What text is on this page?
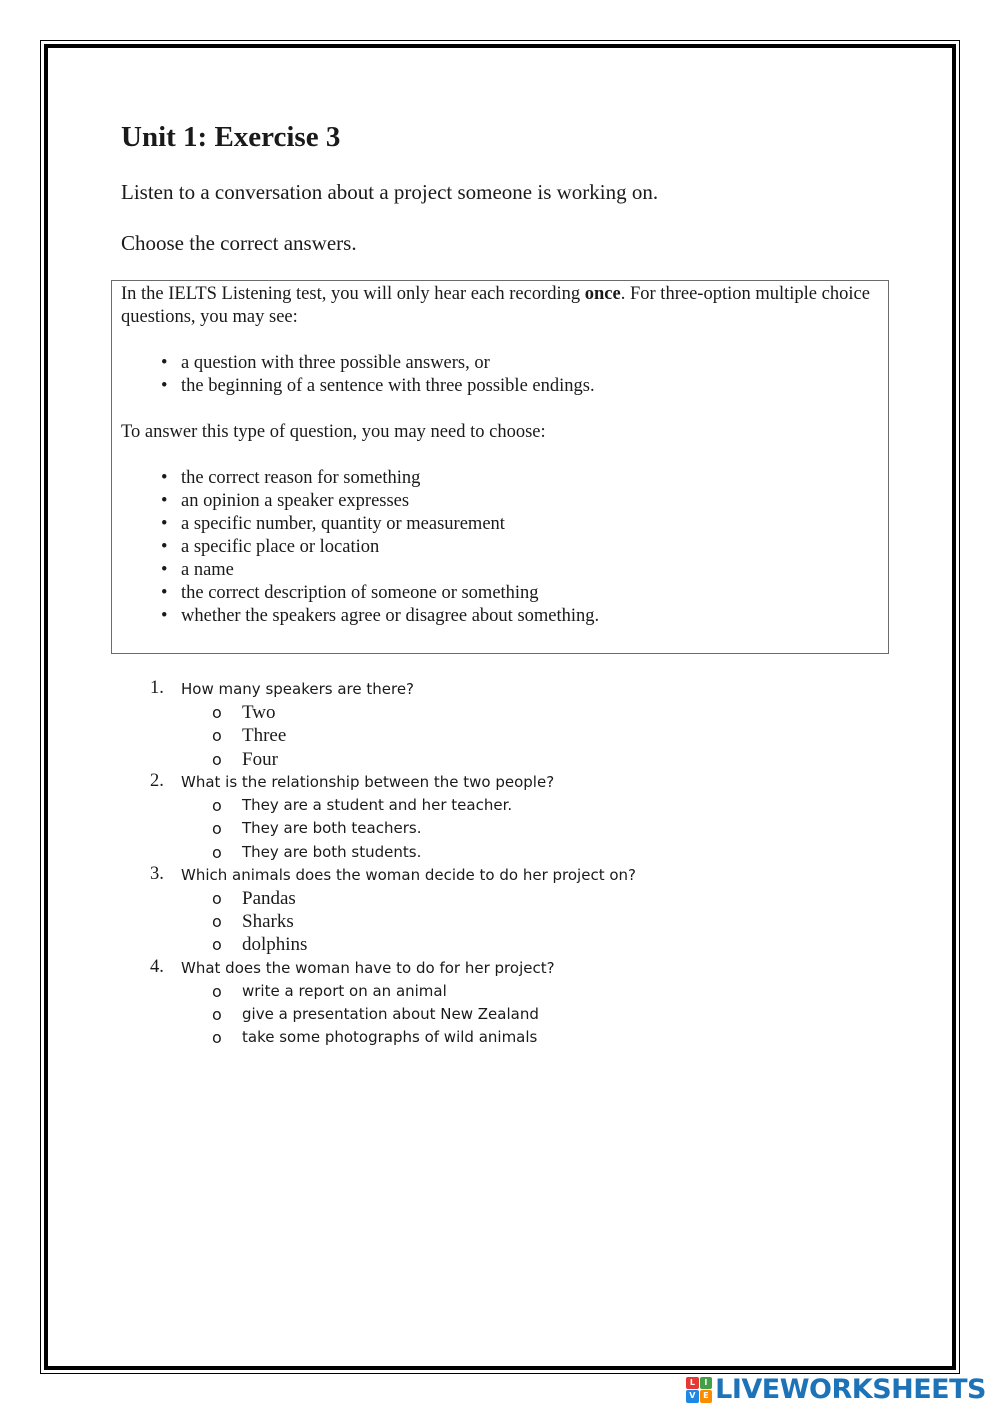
Unit 1: Exercise 3

Listen to a conversation about a project someone is working on.

Choose the correct answers.

In the IELTS Listening test, you will only hear each recording once. For three-option multiple choice questions, you may see:

• a question with three possible answers, or
• the beginning of a sentence with three possible endings.

To answer this type of question, you may need to choose:

• the correct reason for something
• an opinion a speaker expresses
• a specific number, quantity or measurement
• a specific place or location
• a name
• the correct description of someone or something
• whether the speakers agree or disagree about something.
1. How many speakers are there?
o Two
o Three
o Four
2. What is the relationship between the two people?
o They are a student and her teacher.
o They are both teachers.
o They are both students.
3. Which animals does the woman decide to do her project on?
o Pandas
o Sharks
o dolphins
4. What does the woman have to do for her project?
o write a report on an animal
o give a presentation about New Zealand
o take some photographs of wild animals
L	I
V E LIVEWORKSHEETS
